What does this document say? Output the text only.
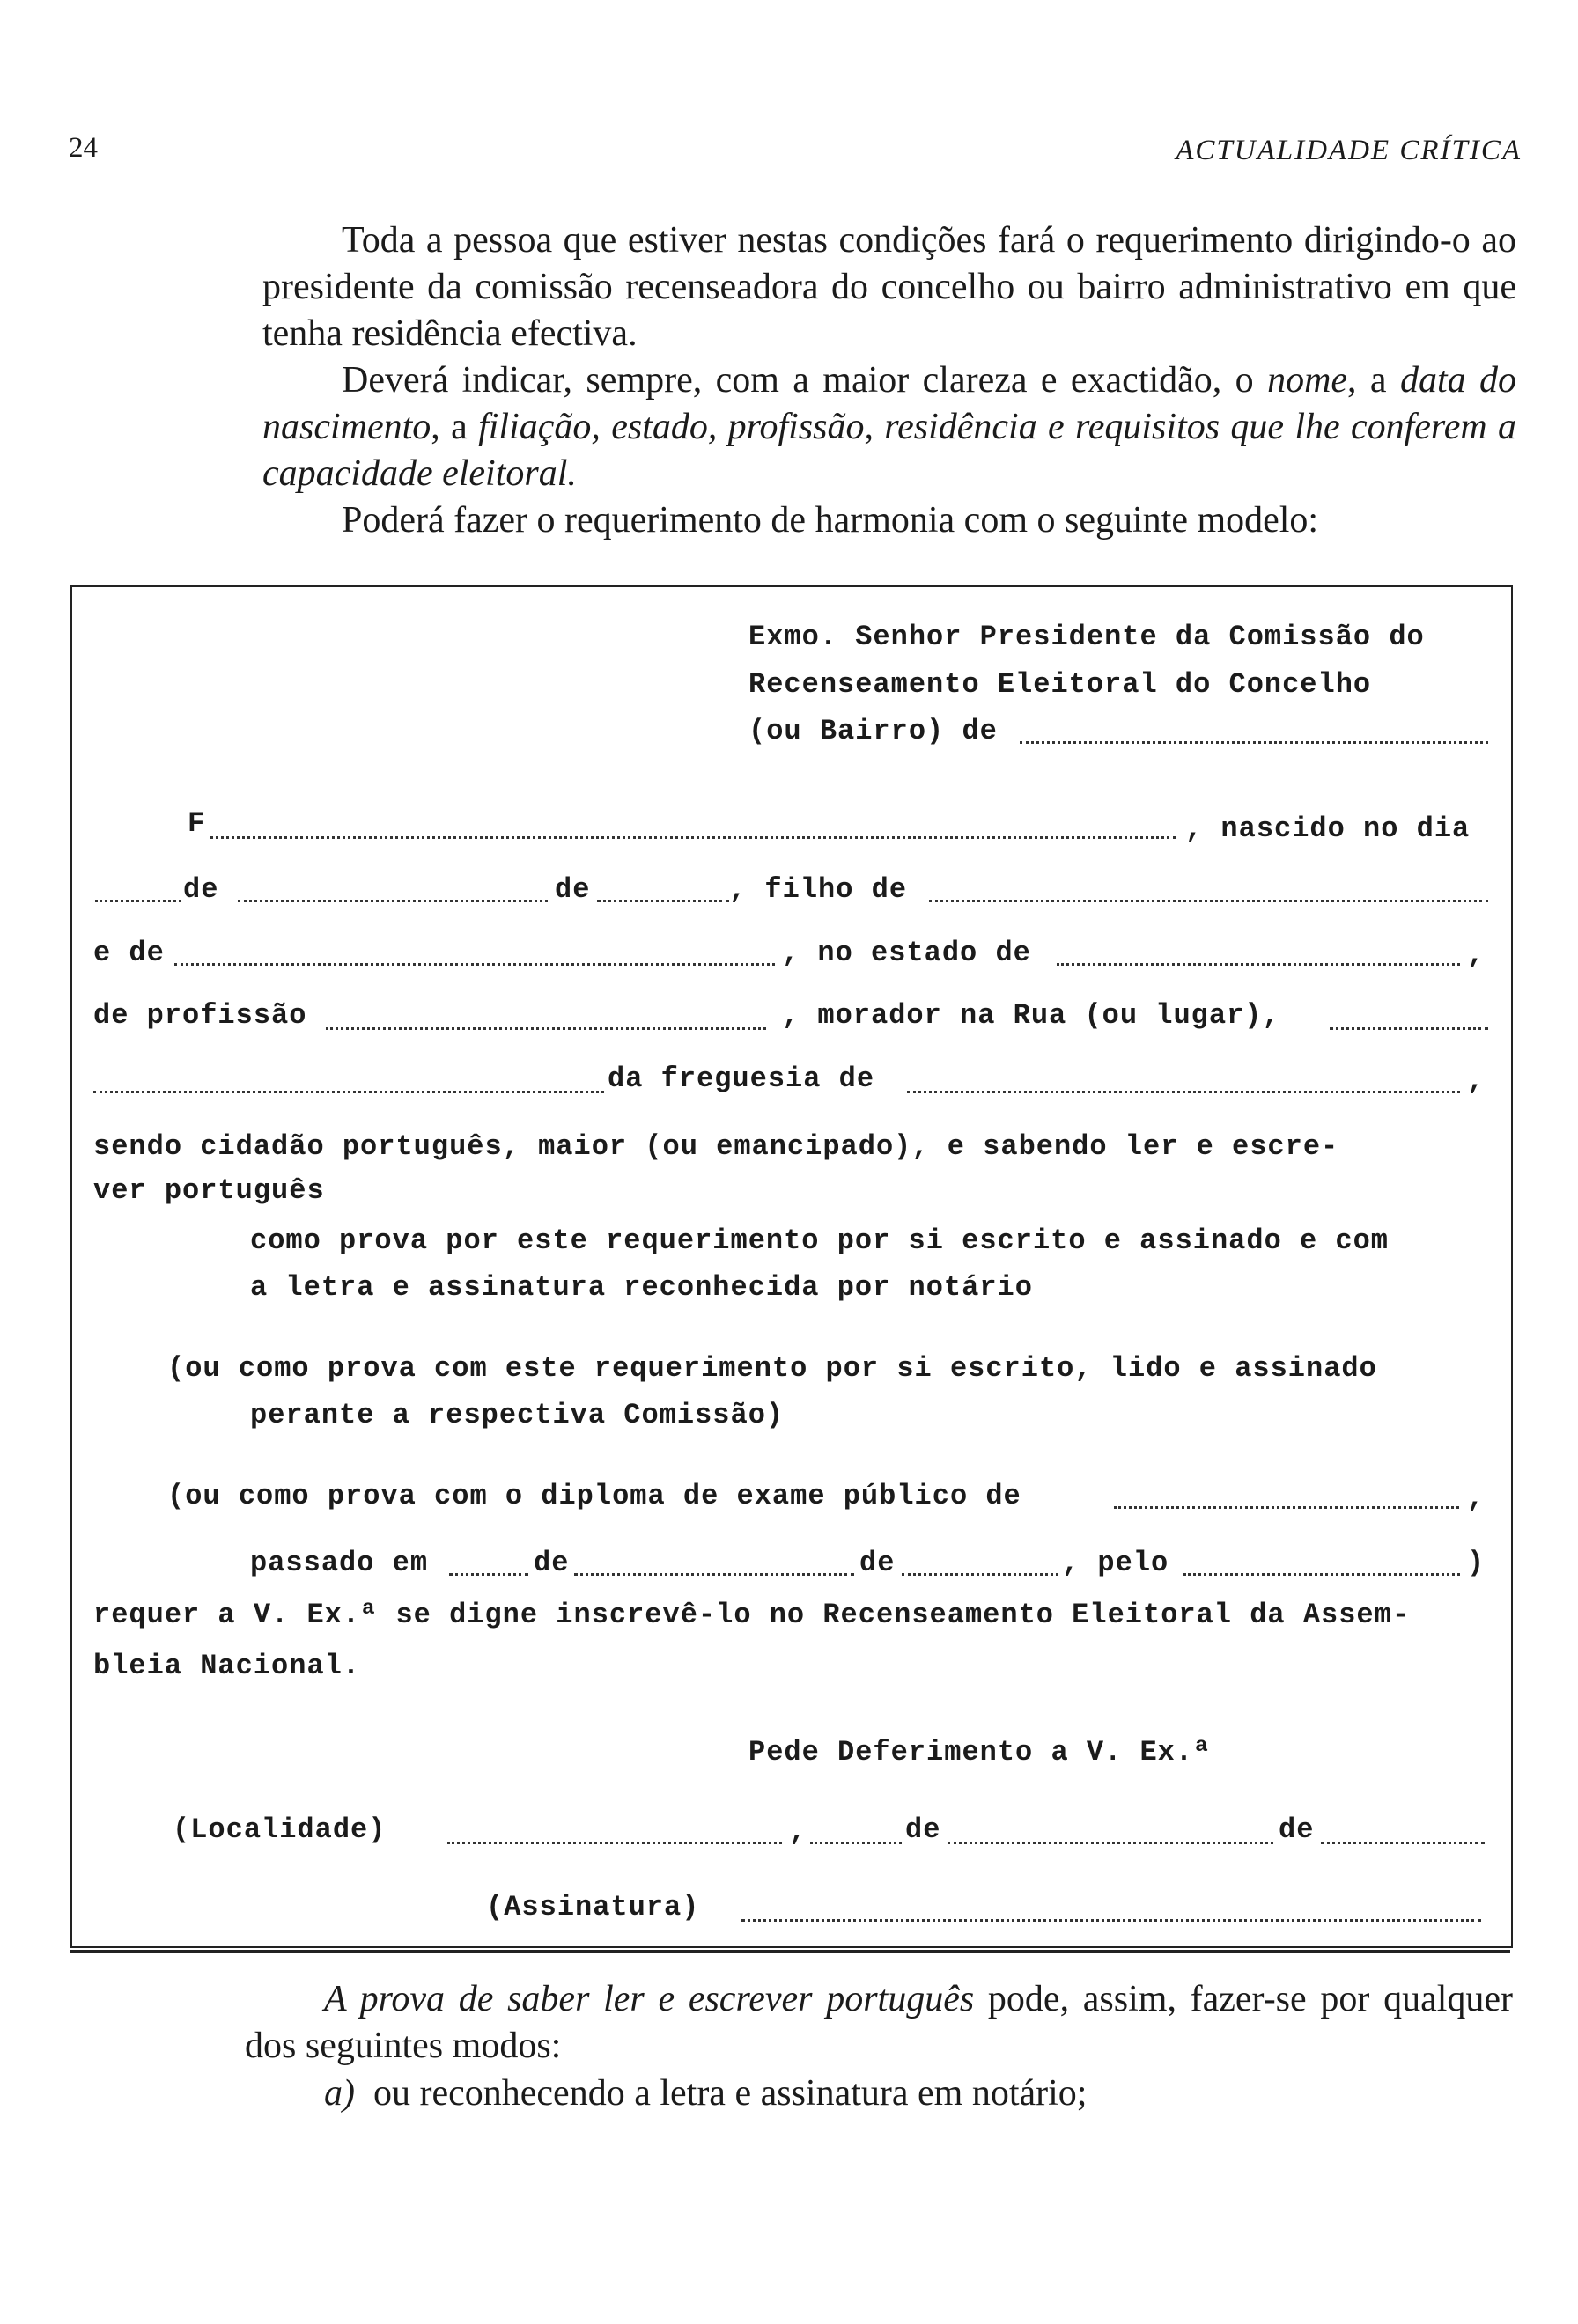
24	ACTUALIDADE CRÍTICA

Toda a pessoa que estiver nestas condições fará o requerimento dirigindo-o ao presidente da comissão recenseadora do concelho ou bairro administrativo em que tenha residência efectiva.

Deverá indicar, sempre, com a maior clareza e exactidão, o nome, a data do nascimento, a filiação, estado, profissão, residência e requisitos que lhe conferem a capacidade eleitoral.

Poderá fazer o requerimento de harmonia com o seguinte modelo:

Exmo. Senhor Presidente da Comissão do
Recenseamento Eleitoral do Concelho
(ou Bairro) de
F	, nascido no dia
de	de	, filho de
e de	, no estado de	,
de profissão	, morador na Rua (ou lugar),
da freguesia de	,
sendo cidadão português, maior (ou emancipado), e sabendo ler e escre-
ver português
como prova por este requerimento por si escrito e assinado e com
a letra e assinatura reconhecida por notário
(ou como prova com este requerimento por si escrito, lido e assinado
perante a respectiva Comissão)
(ou como prova com o diploma de exame público de	,
passado em	de	de	, pelo	)
requer a V. Ex.ª se digne inscrevê-lo no Recenseamento Eleitoral da Assem-
bleia Nacional.
Pede Deferimento a V. Ex.ª
(Localidade)	,	de	de
(Assinatura)

A prova de saber ler e escrever português pode, assim, fazer-se por qualquer dos seguintes modos:

a) ou reconhecendo a letra e assinatura em notário;
